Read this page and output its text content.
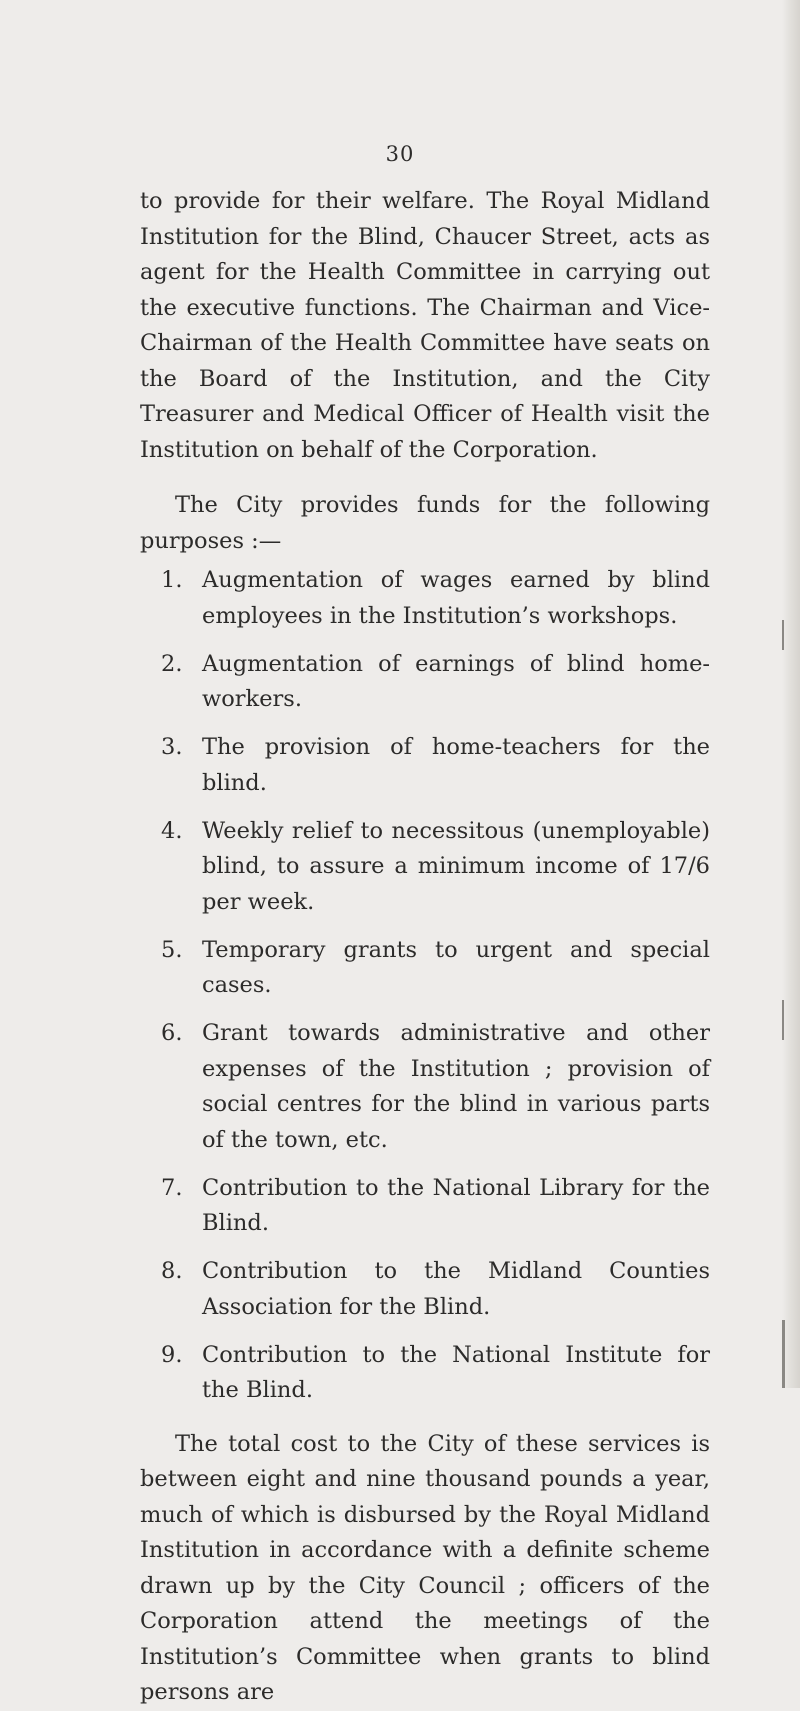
30

to provide for their welfare. The Royal Midland Institution for the Blind, Chaucer Street, acts as agent for the Health Committee in carrying out the executive functions. The Chairman and Vice-Chairman of the Health Committee have seats on the Board of the Institution, and the City Treasurer and Medical Officer of Health visit the Institution on behalf of the Corporation.

The City provides funds for the following purposes :—

1. Augmentation of wages earned by blind employees in the Institution’s workshops.
2. Augmentation of earnings of blind home-workers.
3. The provision of home-teachers for the blind.
4. Weekly relief to necessitous (unemployable) blind, to assure a minimum income of 17/6 per week.
5. Temporary grants to urgent and special cases.
6. Grant towards administrative and other expenses of the Institution ; provision of social centres for the blind in various parts of the town, etc.
7. Contribution to the National Library for the Blind.
8. Contribution to the Midland Counties Association for the Blind.
9. Contribution to the National Institute for the Blind.

The total cost to the City of these services is between eight and nine thousand pounds a year, much of which is disbursed by the Royal Midland Institution in accordance with a definite scheme drawn up by the City Council ; officers of the Corporation attend the meetings of the Institution’s Committee when grants to blind persons are
